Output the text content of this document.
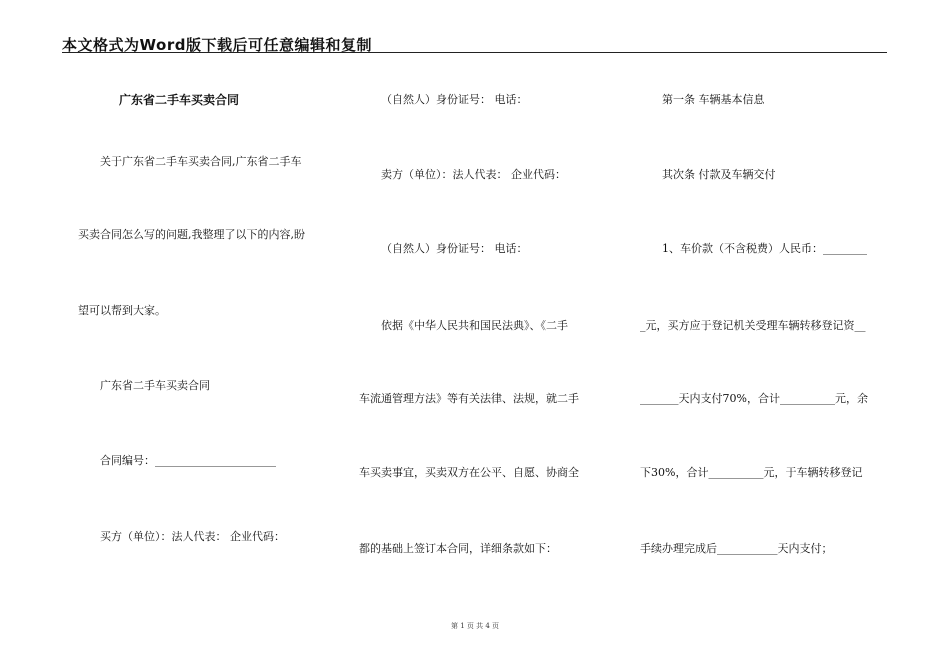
本文格式为Word版下载后可任意编辑和复制
广东省二手车买卖合同
关于广东省二手车买卖合同,广东省二手车
买卖合同怎么写的问题,我整理了以下的内容,盼
望可以帮到大家。
广东省二手车买卖合同
合同编号：______________________
买方（单位）：法人代表： 企业代码：
（自然人）身份证号： 电话：
卖方（单位）：法人代表： 企业代码：
（自然人）身份证号： 电话：
依据《中华人民共和国民法典》、《二手
车流通管理方法》等有关法律、法规，就二手
车买卖事宜，买卖双方在公平、自愿、协商全
都的基础上签订本合同，详细条款如下：
第一条 车辆基本信息
其次条 付款及车辆交付
1、车价款（不含税费）人民币：________
_元，买方应于登记机关受理车辆转移登记资__
_______天内支付70%，合计__________元，余
下30%，合计__________元，于车辆转移登记
手续办理完成后___________天内支付；
第 1 页 共 4 页
